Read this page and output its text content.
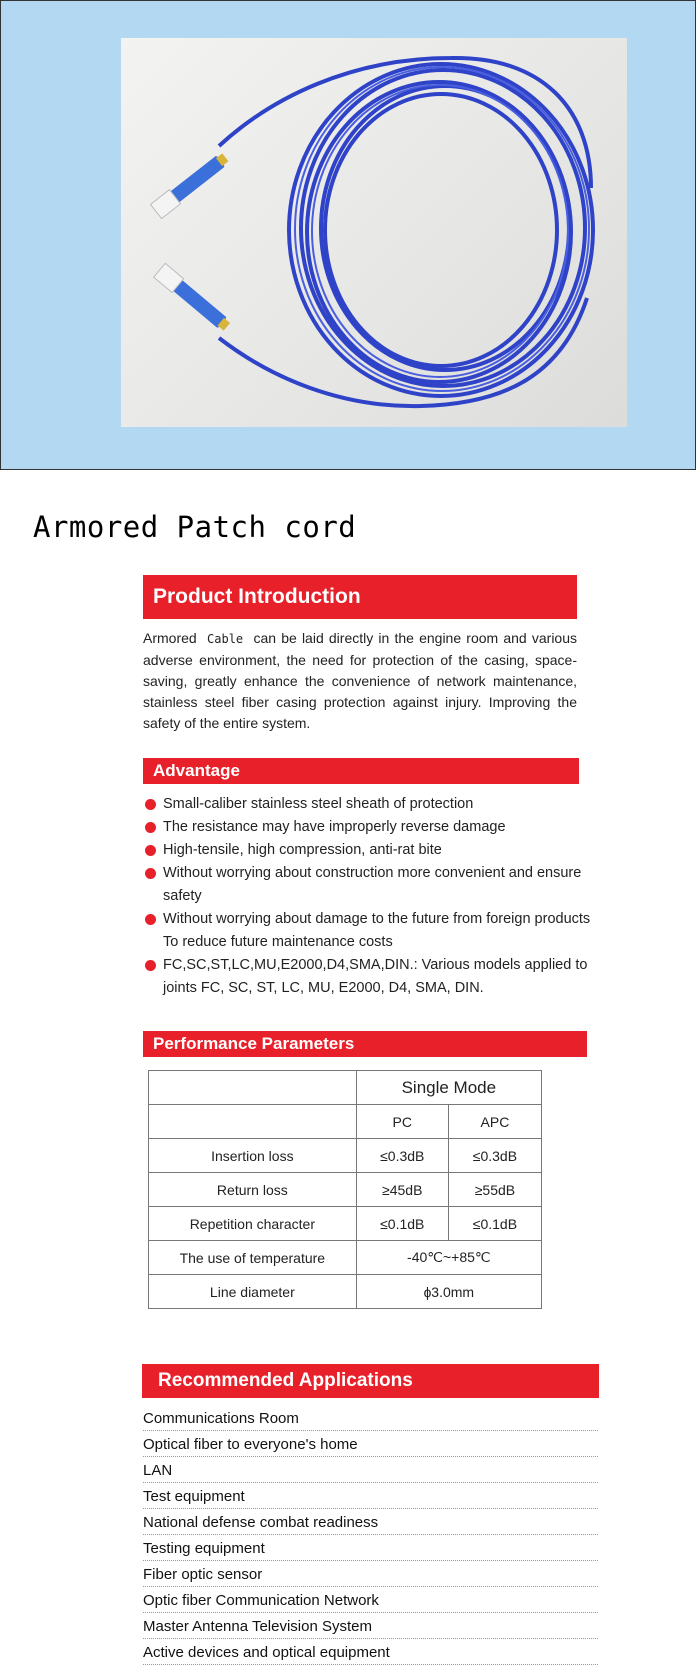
Armored Patch cord
Product Introduction

Armored Cable can be laid directly in the engine room and various adverse environment, the need for protection of the casing, space-saving, greatly enhance the convenience of network maintenance, stainless steel fiber casing protection against injury. Improving the safety of the entire system.

Advantage
Small-caliber stainless steel sheath of protection
The resistance may have improperly reverse damage
High-tensile, high compression, anti-rat bite
Without worrying about construction more convenient and ensure safety
Without worrying about damage to the future from foreign products To reduce future maintenance costs
FC,SC,ST,LC,MU,E2000,D4,SMA,DIN.: Various models applied to joints FC, SC, ST, LC, MU, E2000, D4, SMA, DIN.
Performance Parameters
	Single Mode	
	PC	APC
Insertion loss	≤0.3dB	≤0.3dB
Return loss	≥45dB	≥55dB
Repetition character	≤0.1dB	≤0.1dB
The use of temperature	-40℃~+85℃	
Line diameter	ɸ3.0mm	
Recommended Applications
Communications Room
Optical fiber to everyone's home
LAN
Test equipment
National defense combat readiness
Testing equipment
Fiber optic sensor
Optic fiber Communication Network
Master Antenna Television System
Active devices and optical equipment
